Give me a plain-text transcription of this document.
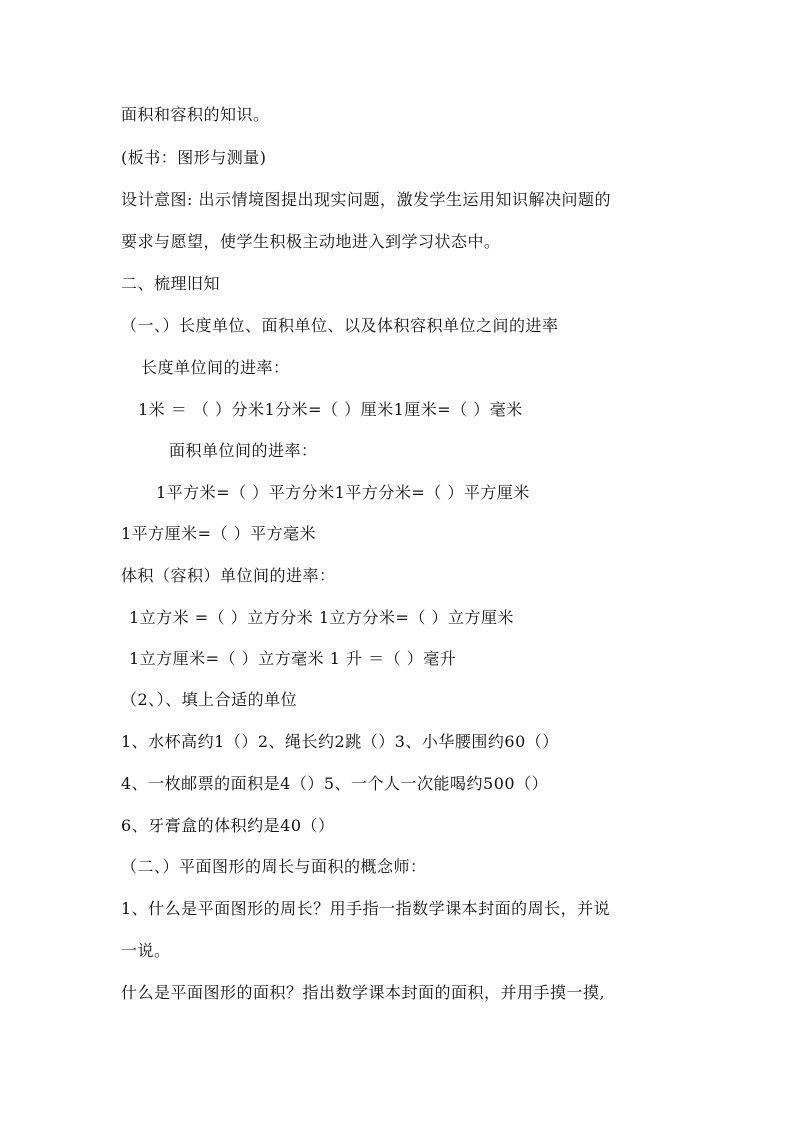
面积和容积的知识。
(板书：图形与测量)
设计意图: 出示情境图提出现实问题，激发学生运用知识解决问题的
要求与愿望，使学生积极主动地进入到学习状态中。
二、梳理旧知
（一、）长度单位、面积单位、以及体积容积单位之间的进率
长度单位间的进率：
1米 ＝ （ ）分米1分米=（ ）厘米1厘米=（ ）毫米
面积单位间的进率：
1平方米=（ ）平方分米1平方分米=（ ）平方厘米
1平方厘米=（ ）平方毫米
体积（容积）单位间的进率：
1立方米 =（ ）立方分米 1立方分米=（ ）立方厘米
1立方厘米=（ ）立方毫米 1 升 ＝（ ）毫升
（2、）、填上合适的单位
1、水杯高约1（）2、绳长约2跳（）3、小华腰围约60（）
4、一枚邮票的面积是4（）5、一个人一次能喝约500（）
6、牙膏盒的体积约是40（）
（二、）平面图形的周长与面积的概念师：
1、什么是平面图形的周长？用手指一指数学课本封面的周长，并说
一说。
什么是平面图形的面积？指出数学课本封面的面积，并用手摸一摸,
